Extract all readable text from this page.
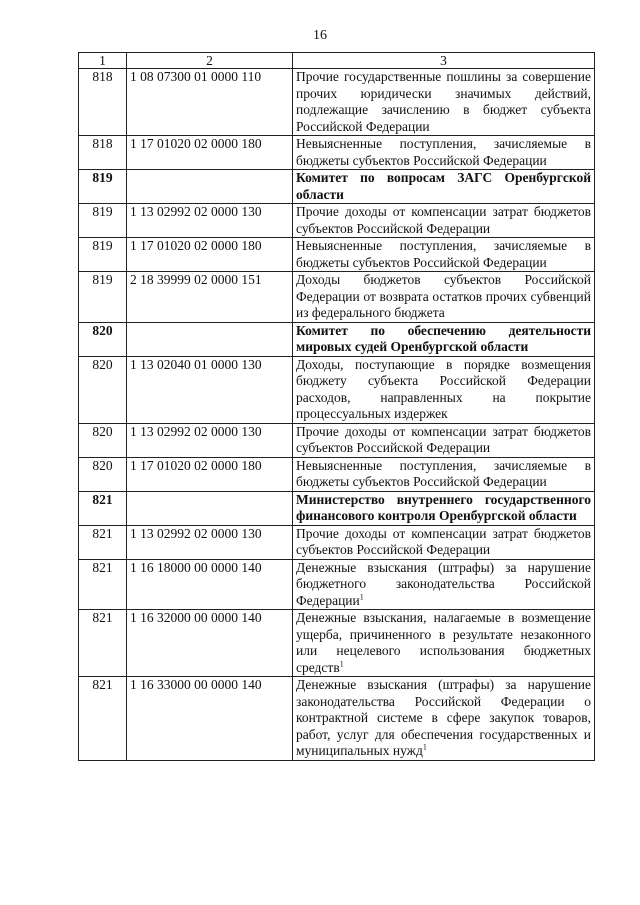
16
1	2	3
818	1 08 07300 01 0000 110	Прочие государственные пошлины за совершение прочих юридически значимых действий, подлежащие зачислению в бюджет субъекта Российской Федерации
818	1 17 01020 02 0000 180	Невыясненные поступления, зачисляемые в бюджеты субъектов Российской Федерации
819		Комитет по вопросам ЗАГС Оренбургской области
819	1 13 02992 02 0000 130	Прочие доходы от компенсации затрат бюджетов субъектов Российской Федерации
819	1 17 01020 02 0000 180	Невыясненные поступления, зачисляемые в бюджеты субъектов Российской Федерации
819	2 18 39999 02 0000 151	Доходы бюджетов субъектов Российской Федерации от возврата остатков прочих субвенций из федерального бюджета
820		Комитет по обеспечению деятельности мировых судей Оренбургской области
820	1 13 02040 01 0000 130	Доходы, поступающие в порядке возмещения бюджету субъекта Российской Федерации расходов, направленных на покрытие процессуальных издержек
820	1 13 02992 02 0000 130	Прочие доходы от компенсации затрат бюджетов субъектов Российской Федерации
820	1 17 01020 02 0000 180	Невыясненные поступления, зачисляемые в бюджеты субъектов Российской Федерации
821		Министерство внутреннего государственного финансового контроля Оренбургской области
821	1 13 02992 02 0000 130	Прочие доходы от компенсации затрат бюджетов субъектов Российской Федерации
821	1 16 18000 00 0000 140	Денежные взыскания (штрафы) за нарушение бюджетного законодательства Российской Федерации$^1$
821	1 16 32000 00 0000 140	Денежные взыскания, налагаемые в возмещение ущерба, причиненного в результате незаконного или нецелевого использования бюджетных средств$^1$
821	1 16 33000 00 0000 140	Денежные взыскания (штрафы) за нарушение законодательства Российской Федерации о контрактной системе в сфере закупок товаров, работ, услуг для обеспечения государственных и муниципальных нужд$^1$
